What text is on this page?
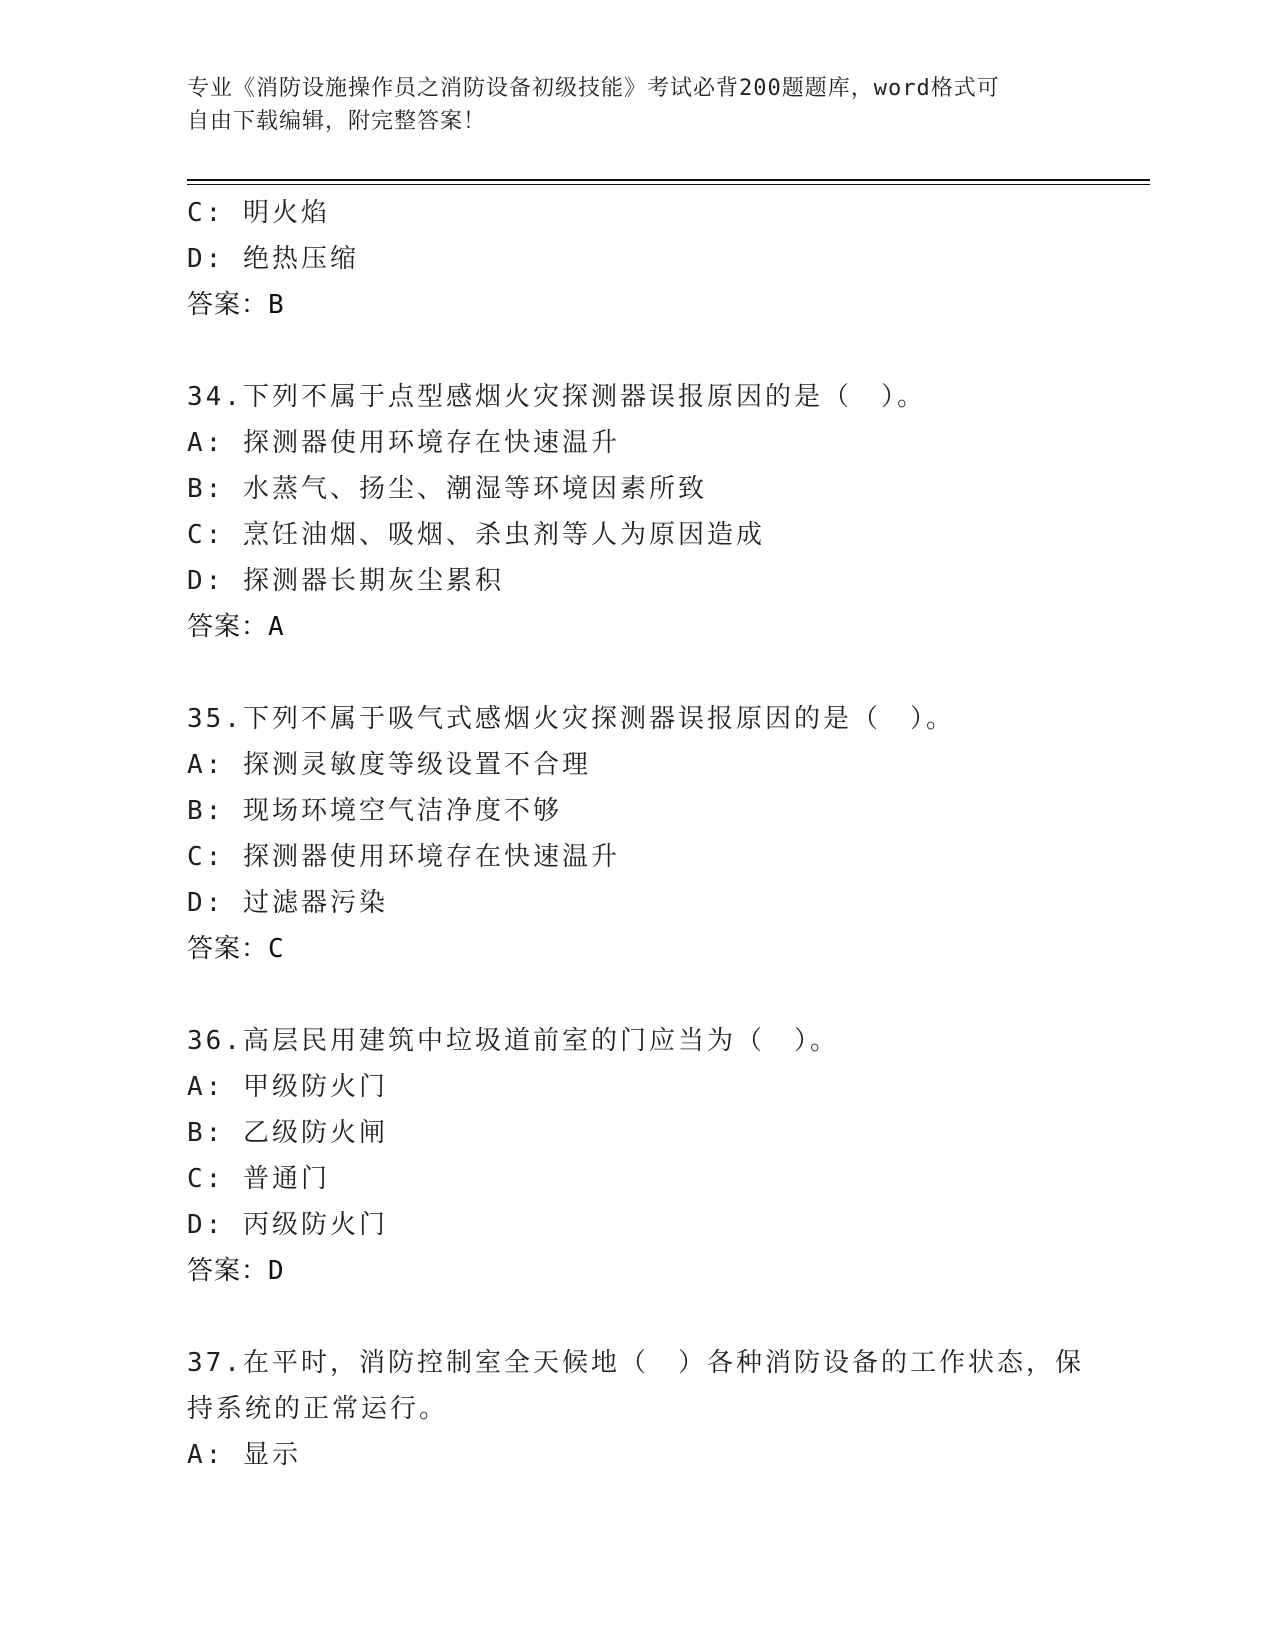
专业《消防设施操作员之消防设备初级技能》考试必背200题题库，word格式可
自由下载编辑，附完整答案！
C: 明火焰
D: 绝热压缩
答案：B
34.下列不属于点型感烟火灾探测器误报原因的是（　）。
A: 探测器使用环境存在快速温升
B: 水蒸气、扬尘、潮湿等环境因素所致
C: 烹饪油烟、吸烟、杀虫剂等人为原因造成
D: 探测器长期灰尘累积
答案：A
35.下列不属于吸气式感烟火灾探测器误报原因的是（　）。
A: 探测灵敏度等级设置不合理
B: 现场环境空气洁净度不够
C: 探测器使用环境存在快速温升
D: 过滤器污染
答案：C
36.高层民用建筑中垃圾道前室的门应当为（　）。
A: 甲级防火门
B: 乙级防火闸
C: 普通门
D: 丙级防火门
答案：D
37.在平时，消防控制室全天候地（　）各种消防设备的工作状态，保
持系统的正常运行。
A: 显示
